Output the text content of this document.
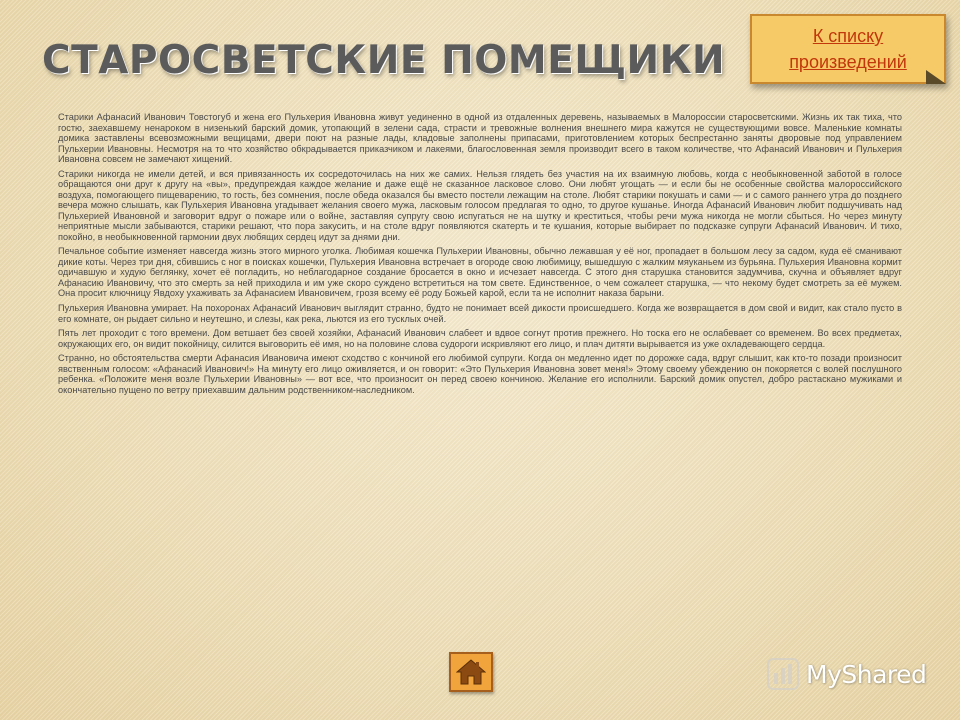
СТАРОСВЕТСКИЕ ПОМЕЩИКИ
К списку произведений

Старики Афанасий Иванович Товстогуб и жена его Пульхерия Ивановна живут уединенно в одной из отдаленных деревень, называемых в Малороссии старосветскими. Жизнь их так тиха, что гостю, заехавшему ненароком в низенький барский домик, утопающий в зелени сада, страсти и тревожные волнения внешнего мира кажутся не существующими вовсе. Маленькие комнаты домика заставлены всевозможными вещицами, двери поют на разные лады, кладовые заполнены припасами, приготовлением которых беспрестанно заняты дворовые под управлением Пульхерии Ивановны. Несмотря на то что хозяйство обкрадывается приказчиком и лакеями, благословенная земля производит всего в таком количестве, что Афанасий Иванович и Пульхерия Ивановна совсем не замечают хищений.

Старики никогда не имели детей, и вся привязанность их сосредоточилась на них же самих. Нельзя глядеть без участия на их взаимную любовь, когда с необыкновенной заботой в голосе обращаются они друг к другу на «вы», предупреждая каждое желание и даже ещё не сказанное ласковое слово. Они любят угощать — и если бы не особенные свойства малороссийского воздуха, помогающего пищеварению, то гость, без сомнения, после обеда оказался бы вместо постели лежащим на столе. Любят старики покушать и сами — и с самого раннего утра до позднего вечера можно слышать, как Пульхерия Ивановна угадывает желания своего мужа, ласковым голосом предлагая то одно, то другое кушанье. Иногда Афанасий Иванович любит подшучивать над Пульхерией Ивановной и заговорит вдруг о пожаре или о войне, заставляя супругу свою испугаться не на шутку и креститься, чтобы речи мужа никогда не могли сбыться. Но через минуту неприятные мысли забываются, старики решают, что пора закусить, и на столе вдруг появляются скатерть и те кушания, которые выбирает по подсказке супруги Афанасий Иванович. И тихо, покойно, в необыкновенной гармонии двух любящих сердец идут за днями дни.

Печальное событие изменяет навсегда жизнь этого мирного уголка. Любимая кошечка Пульхерии Ивановны, обычно лежавшая у её ног, пропадает в большом лесу за садом, куда её сманивают дикие коты. Через три дня, сбившись с ног в поисках кошечки, Пульхерия Ивановна встречает в огороде свою любимицу, вышедшую с жалким мяуканьем из бурьяна. Пульхерия Ивановна кормит одичавшую и худую беглянку, хочет её погладить, но неблагодарное создание бросается в окно и исчезает навсегда. С этого дня старушка становится задумчива, скучна и объявляет вдруг Афанасию Ивановичу, что это смерть за ней приходила и им уже скоро суждено встретиться на том свете. Единственное, о чем сожалеет старушка, — что некому будет смотреть за её мужем. Она просит ключницу Явдоху ухаживать за Афанасием Ивановичем, грозя всему её роду Божьей карой, если та не исполнит наказа барыни.

Пульхерия Ивановна умирает. На похоронах Афанасий Иванович выглядит странно, будто не понимает всей дикости происшедшего. Когда же возвращается в дом свой и видит, как стало пусто в его комнате, он рыдает сильно и неутешно, и слезы, как река, льются из его тусклых очей.

Пять лет проходит с того времени. Дом ветшает без своей хозяйки, Афанасий Иванович слабеет и вдвое согнут против прежнего. Но тоска его не ослабевает со временем. Во всех предметах, окружающих его, он видит покойницу, силится выговорить её имя, но на половине слова судороги искривляют его лицо, и плач дитяти вырывается из уже охладевающего сердца.

Странно, но обстоятельства смерти Афанасия Ивановича имеют сходство с кончиной его любимой супруги. Когда он медленно идет по дорожке сада, вдруг слышит, как кто-то позади произносит явственным голосом: «Афанасий Иванович!» На минуту его лицо оживляется, и он говорит: «Это Пульхерия Ивановна зовет меня!» Этому своему убеждению он покоряется с волей послушного ребенка. «Положите меня возле Пульхерии Ивановны» — вот все, что произносит он перед своею кончиною. Желание его исполнили. Барский домик опустел, добро растаскано мужиками и окончательно пущено по ветру приехавшим дальним родственником-наследником.

MyShared
